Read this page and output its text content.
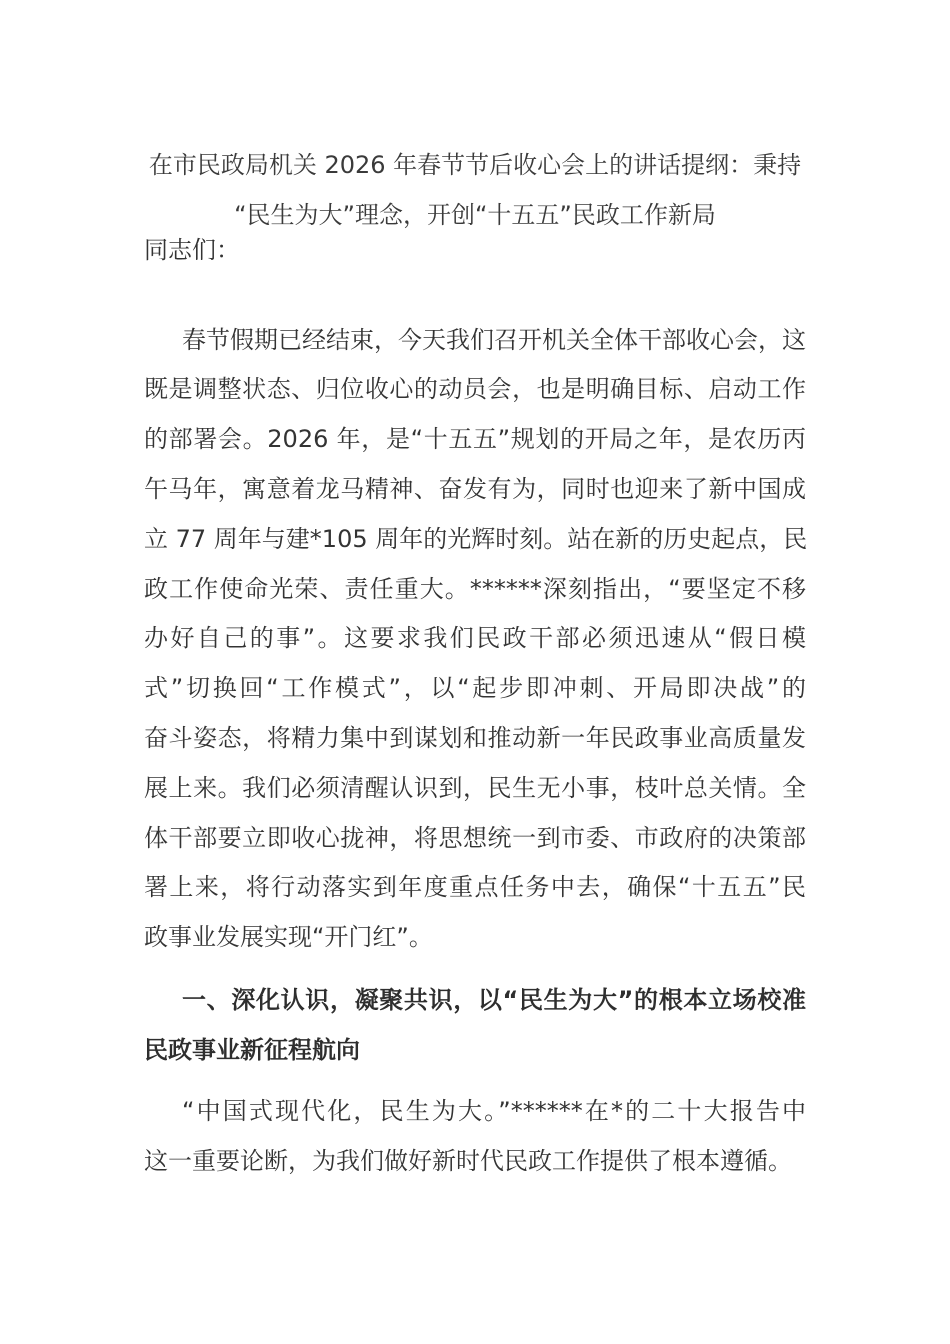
在市民政局机关 2026 年春节节后收心会上的讲话提纲：秉持
“民生为大”理念，开创“十五五”民政工作新局
同志们：
春节假期已经结束，今天我们召开机关全体干部收心会，这
既是调整状态、归位收心的动员会，也是明确目标、启动工作
的部署会。2026 年，是“十五五”规划的开局之年，是农历丙
午马年，寓意着龙马精神、奋发有为，同时也迎来了新中国成
立 77 周年与建*105 周年的光辉时刻。站在新的历史起点，民
政工作使命光荣、责任重大。******深刻指出，“要坚定不移
办好自己的事”。这要求我们民政干部必须迅速从“假日模
式”切换回“工作模式”，以“起步即冲刺、开局即决战”的
奋斗姿态，将精力集中到谋划和推动新一年民政事业高质量发
展上来。我们必须清醒认识到，民生无小事，枝叶总关情。全
体干部要立即收心拢神，将思想统一到市委、市政府的决策部
署上来，将行动落实到年度重点任务中去，确保“十五五”民
政事业发展实现“开门红”。
一、深化认识，凝聚共识，以“民生为大”的根本立场校准
民政事业新征程航向
“中国式现代化，民生为大。”******在*的二十大报告中
这一重要论断，为我们做好新时代民政工作提供了根本遵循。
